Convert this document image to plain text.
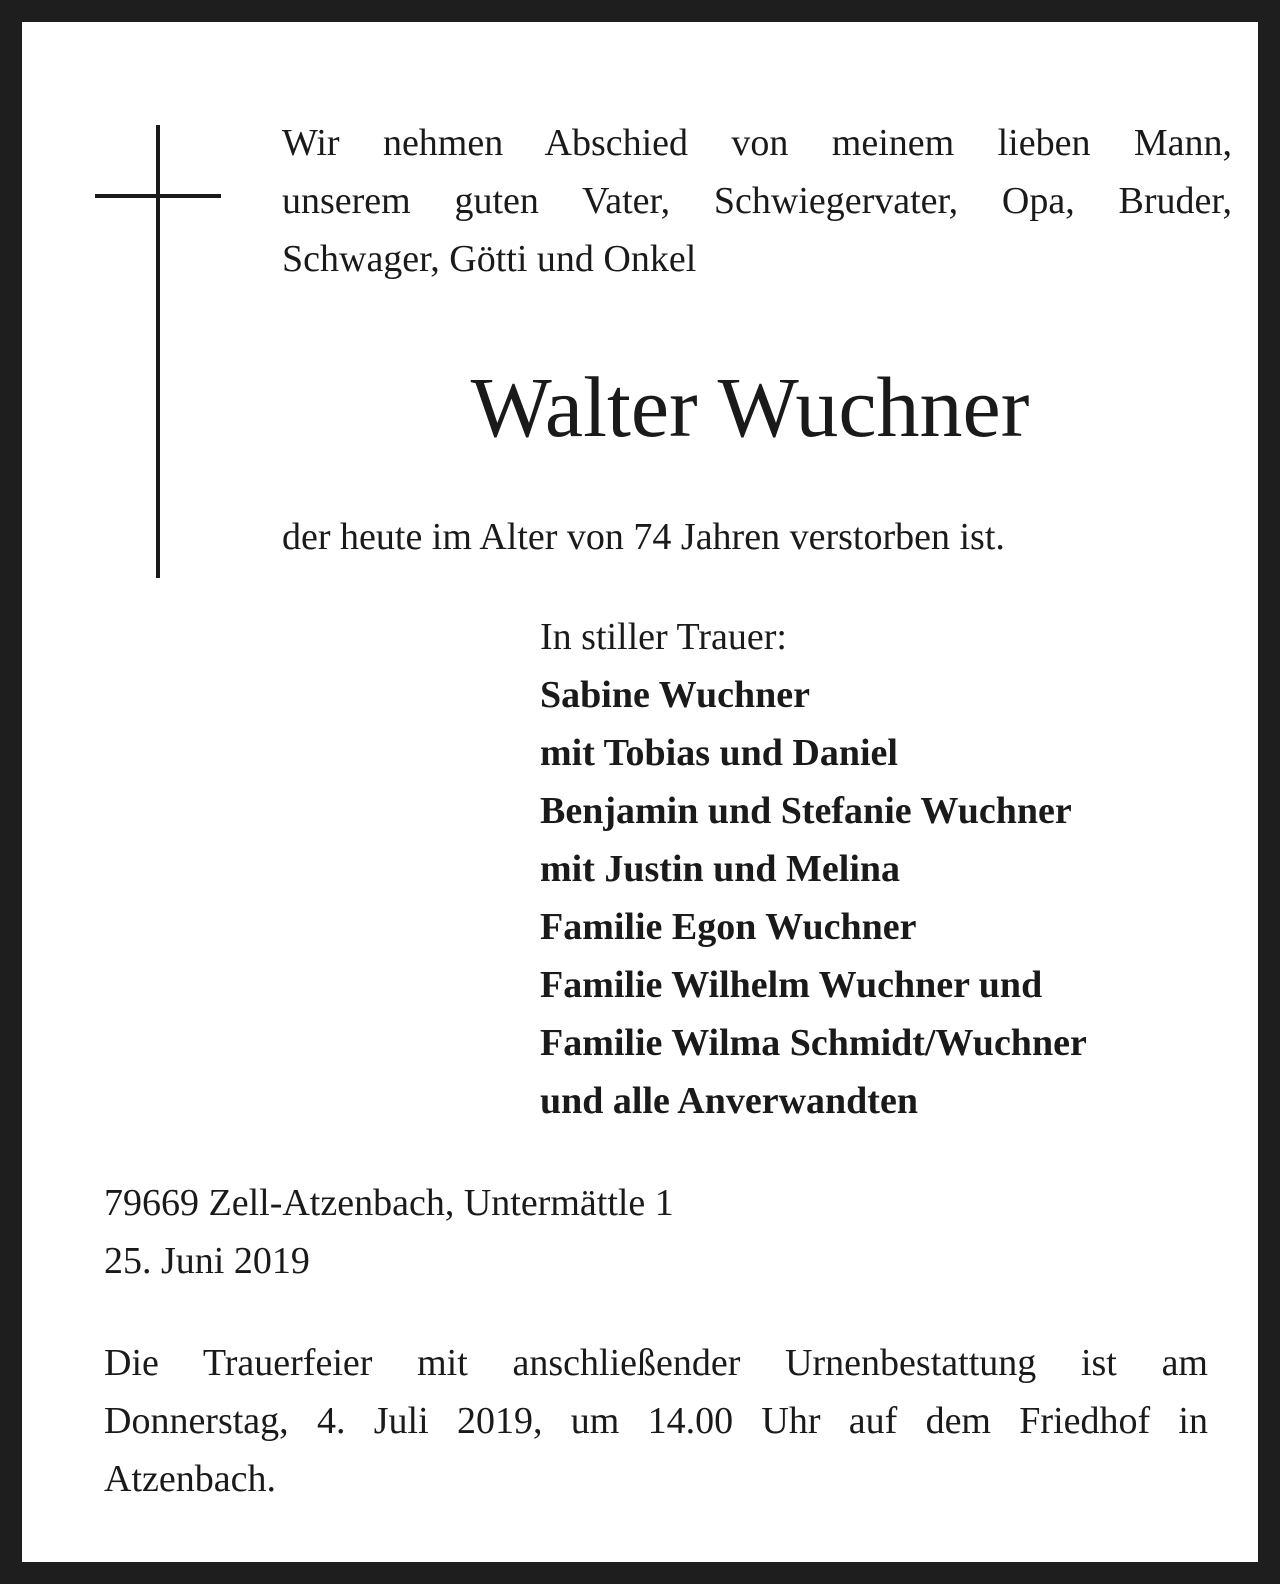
Wir nehmen Abschied von meinem lieben Mann,
unserem guten Vater, Schwiegervater, Opa, Bruder,
Schwager, Götti und Onkel
Walter Wuchner
der heute im Alter von 74 Jahren verstorben ist.
In stiller Trauer:
Sabine Wuchner
mit Tobias und Daniel
Benjamin und Stefanie Wuchner
mit Justin und Melina
Familie Egon Wuchner
Familie Wilhelm Wuchner und
Familie Wilma Schmidt/Wuchner
und alle Anverwandten
79669 Zell-Atzenbach, Untermättle 1
25. Juni 2019
Die Trauerfeier mit anschließender Urnenbestattung ist am
Donnerstag, 4. Juli 2019, um 14.00 Uhr auf dem Friedhof in
Atzenbach.
